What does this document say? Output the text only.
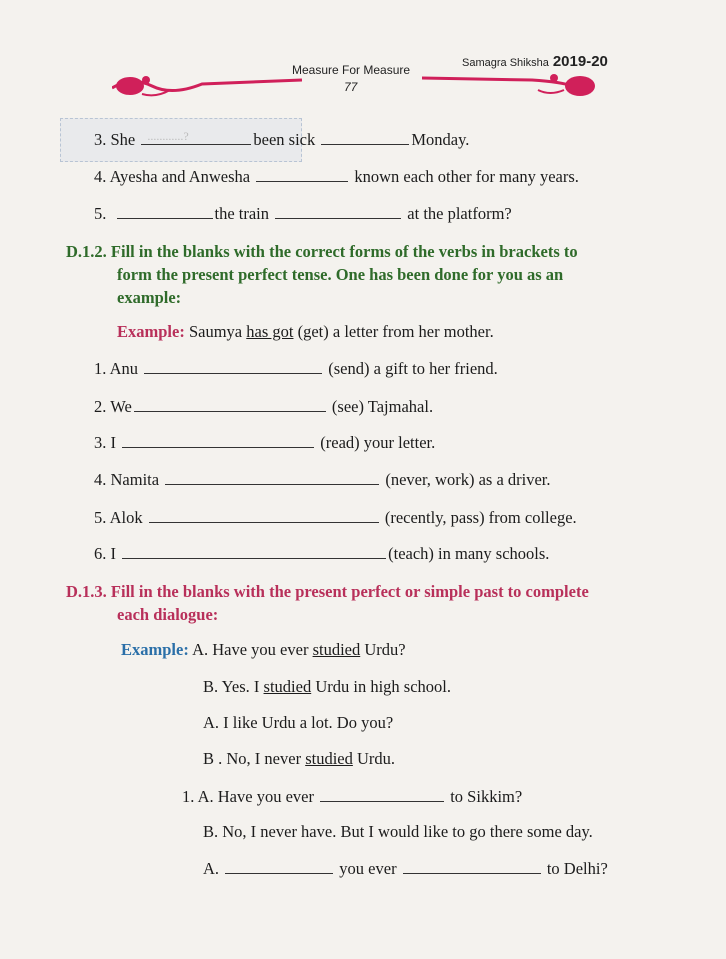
Measure For Measure
77
Samagra Shiksha 2019-20
3. She ............?	been sick	Monday.
4. Ayesha and Anwesha	known each other for many years.
5.	the train	at the platform?
D.1.2. Fill in the blanks with the correct forms of the verbs in brackets to
form the present perfect tense. One has been done for you as an
example:
Example: Saumya has got (get) a letter from her mother.
1. Anu	(send) a gift to her friend.
2. We	(see) Tajmahal.
3. I	(read) your letter.
4. Namita	(never, work) as a driver.
5. Alok	(recently, pass) from college.
6. I	(teach) in many schools.
D.1.3. Fill in the blanks with the present perfect or simple past to complete
each dialogue:
Example: A. Have you ever studied Urdu?
B. Yes. I studied Urdu in high school.
A. I like Urdu a lot. Do you?
B . No, I never studied Urdu.
1. A. Have you ever	to Sikkim?
B. No, I never have. But I would like to go there some day.
A.	you ever	to Delhi?
